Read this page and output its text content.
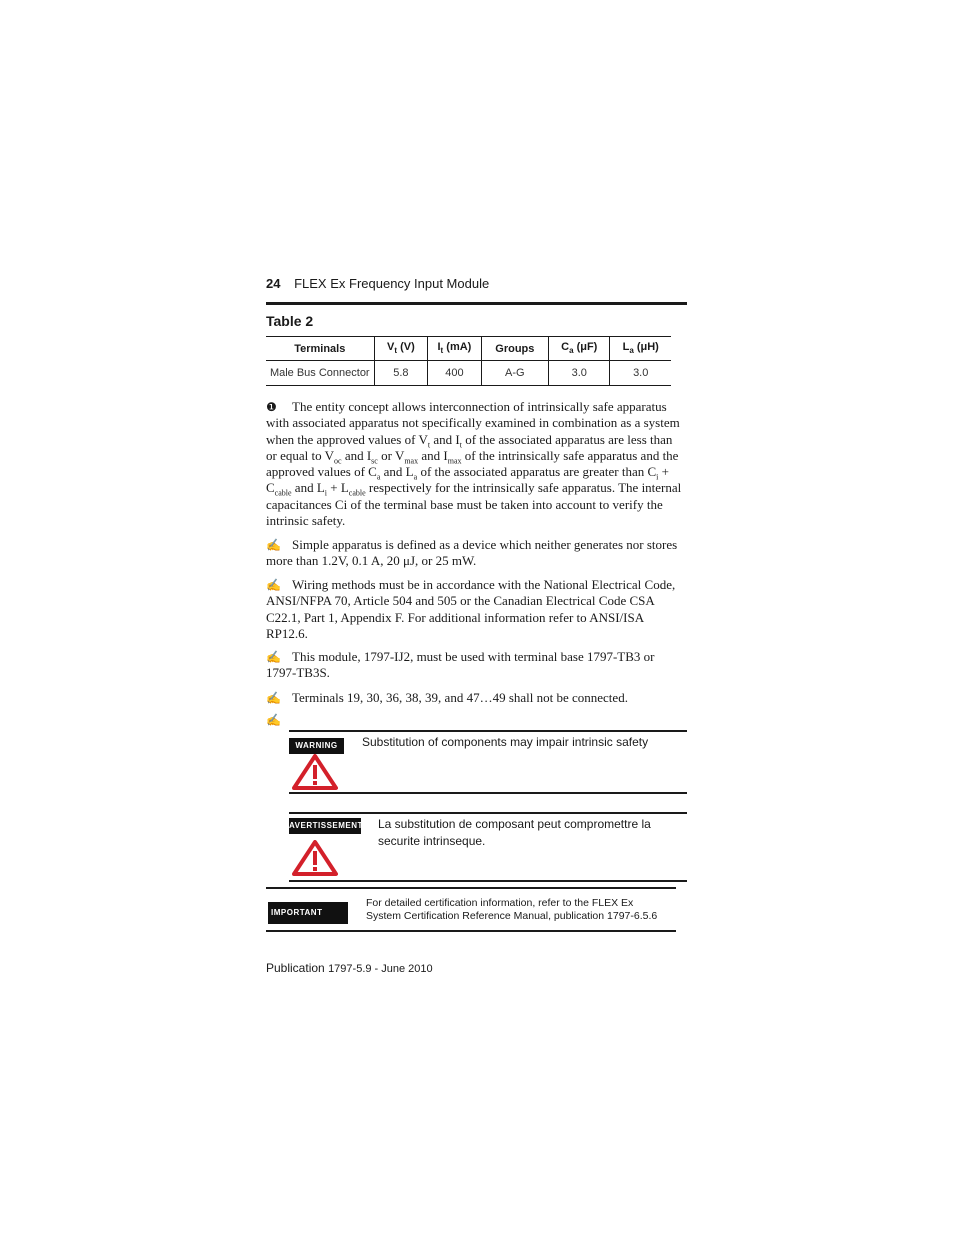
24 FLEX Ex Frequency Input Module
Table 2
Terminals	$V_t$ (V)	$I_t$ (mA)	Groups	$C_a$ (μF)	$L_a$ (μH)
Male Bus Connector	5.8	400	A-G	3.0	3.0
❶ The entity concept allows interconnection of intrinsically safe apparatus with associated apparatus not specifically examined in combination as a system when the approved values of $V_t$ and $I_t$ of the associated apparatus are less than or equal to $V_{oc}$ and $I_{sc}$ or $V_{max}$ and $I_{max}$ of the intrinsically safe apparatus and the approved values of $C_a$ and $L_a$ of the associated apparatus are greater than $C_i + C_{cable}$ and $L_i + L_{cable}$ respectively for the intrinsically safe apparatus. The internal capacitances Ci of the terminal base must be taken into account to verify the intrinsic safety.
✍ Simple apparatus is defined as a device which neither generates nor stores more than 1.2V, 0.1 A, 20 μJ, or 25 mW.
✍ Wiring methods must be in accordance with the National Electrical Code, ANSI/NFPA 70, Article 504 and 505 or the Canadian Electrical Code CSA C22.1, Part 1, Appendix F. For additional information refer to ANSI/ISA RP12.6.
✍ This module, 1797-IJ2, must be used with terminal base 1797-TB3 or 1797-TB3S.
✍ Terminals 19, 30, 36, 38, 39, and 47…49 shall not be connected.
✍
WARNING	Substitution of components may impair intrinsic safety
AVERTISSEMENT La substitution de composant peut compromettre la securite intrinseque.
IMPORTANT
For detailed certification information, refer to the FLEX Ex System Certification Reference Manual, publication 1797-6.5.6
Publication 1797-5.9 - June 2010
